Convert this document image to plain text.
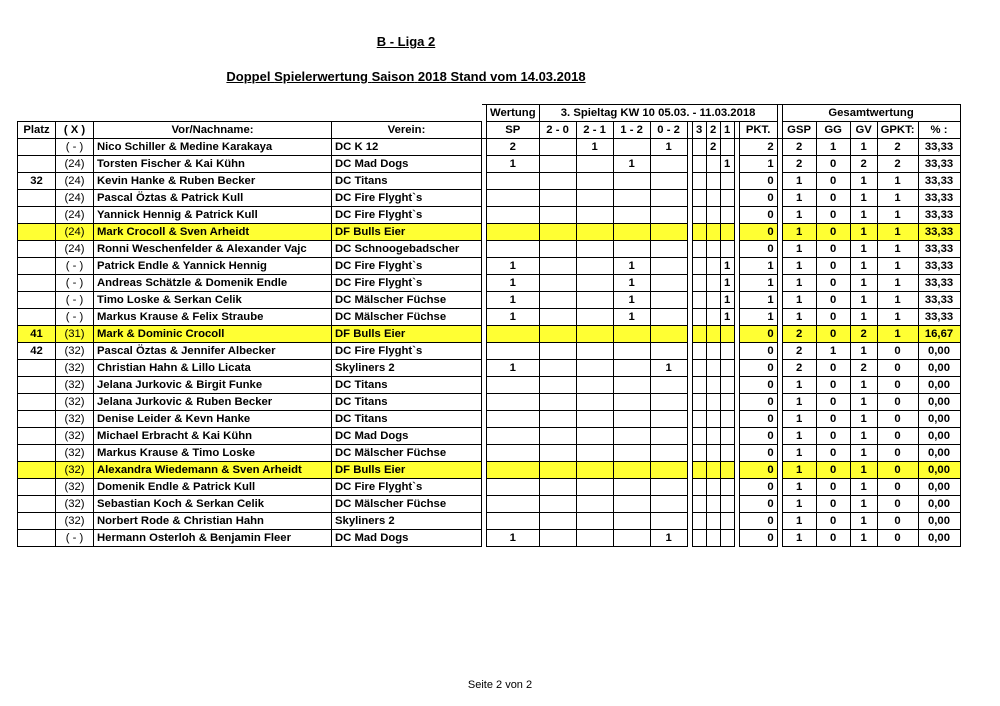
B - Liga 2
Doppel Spielerwertung Saison 2018 Stand vom 14.03.2018
					Wertung	3. Spieltag KW 10 05.03. - 11.03.2018											Gesamtwertung				
Platz	( X )	Vor/Nachname:	Verein:		SP	2 - 0	2 - 1	1 - 2	0 - 2		3	2	1		PKT.		GSP	GG	GV	GPKT:	% :
	( - )	Nico Schiller & Medine Karakaya	DC K 12		2		1		1			2			2		2	1	1	2	33,33
	(24)	Torsten Fischer & Kai Kühn	DC Mad Dogs		1			1					1		1		2	0	2	2	33,33
32	(24)	Kevin Hanke & Ruben Becker	DC Titans												0		1	0	1	1	33,33
	(24)	Pascal Öztas & Patrick Kull	DC Fire Flyght`s												0		1	0	1	1	33,33
	(24)	Yannick Hennig & Patrick Kull	DC Fire Flyght`s												0		1	0	1	1	33,33
	(24)	Mark Crocoll & Sven Arheidt	DF Bulls Eier												0		1	0	1	1	33,33
	(24)	Ronni Weschenfelder & Alexander Vajc	DC Schnoogebadscher												0		1	0	1	1	33,33
	( - )	Patrick Endle & Yannick Hennig	DC Fire Flyght`s		1			1					1		1		1	0	1	1	33,33
	( - )	Andreas Schätzle & Domenik Endle	DC Fire Flyght`s		1			1					1		1		1	0	1	1	33,33
	( - )	Timo Loske & Serkan Celik	DC Mälscher Füchse		1			1					1		1		1	0	1	1	33,33
	( - )	Markus Krause & Felix Straube	DC Mälscher Füchse		1			1					1		1		1	0	1	1	33,33
41	(31)	Mark & Dominic Crocoll	DF Bulls Eier												0		2	0	2	1	16,67
42	(32)	Pascal Öztas & Jennifer Albecker	DC Fire Flyght`s												0		2	1	1	0	0,00
	(32)	Christian Hahn & Lillo Licata	Skyliners 2		1				1						0		2	0	2	0	0,00
	(32)	Jelana Jurkovic & Birgit Funke	DC Titans												0		1	0	1	0	0,00
	(32)	Jelana Jurkovic & Ruben Becker	DC Titans												0		1	0	1	0	0,00
	(32)	Denise Leider & Kevn Hanke	DC Titans												0		1	0	1	0	0,00
	(32)	Michael Erbracht & Kai Kühn	DC Mad Dogs												0		1	0	1	0	0,00
	(32)	Markus Krause & Timo Loske	DC Mälscher Füchse												0		1	0	1	0	0,00
	(32)	Alexandra Wiedemann & Sven Arheidt	DF Bulls Eier												0		1	0	1	0	0,00
	(32)	Domenik Endle & Patrick Kull	DC Fire Flyght`s												0		1	0	1	0	0,00
	(32)	Sebastian Koch & Serkan Celik	DC Mälscher Füchse												0		1	0	1	0	0,00
	(32)	Norbert Rode & Christian Hahn	Skyliners 2												0		1	0	1	0	0,00
	( - )	Hermann Osterloh & Benjamin Fleer	DC Mad Dogs		1				1						0		1	0	1	0	0,00
Seite 2 von 2
